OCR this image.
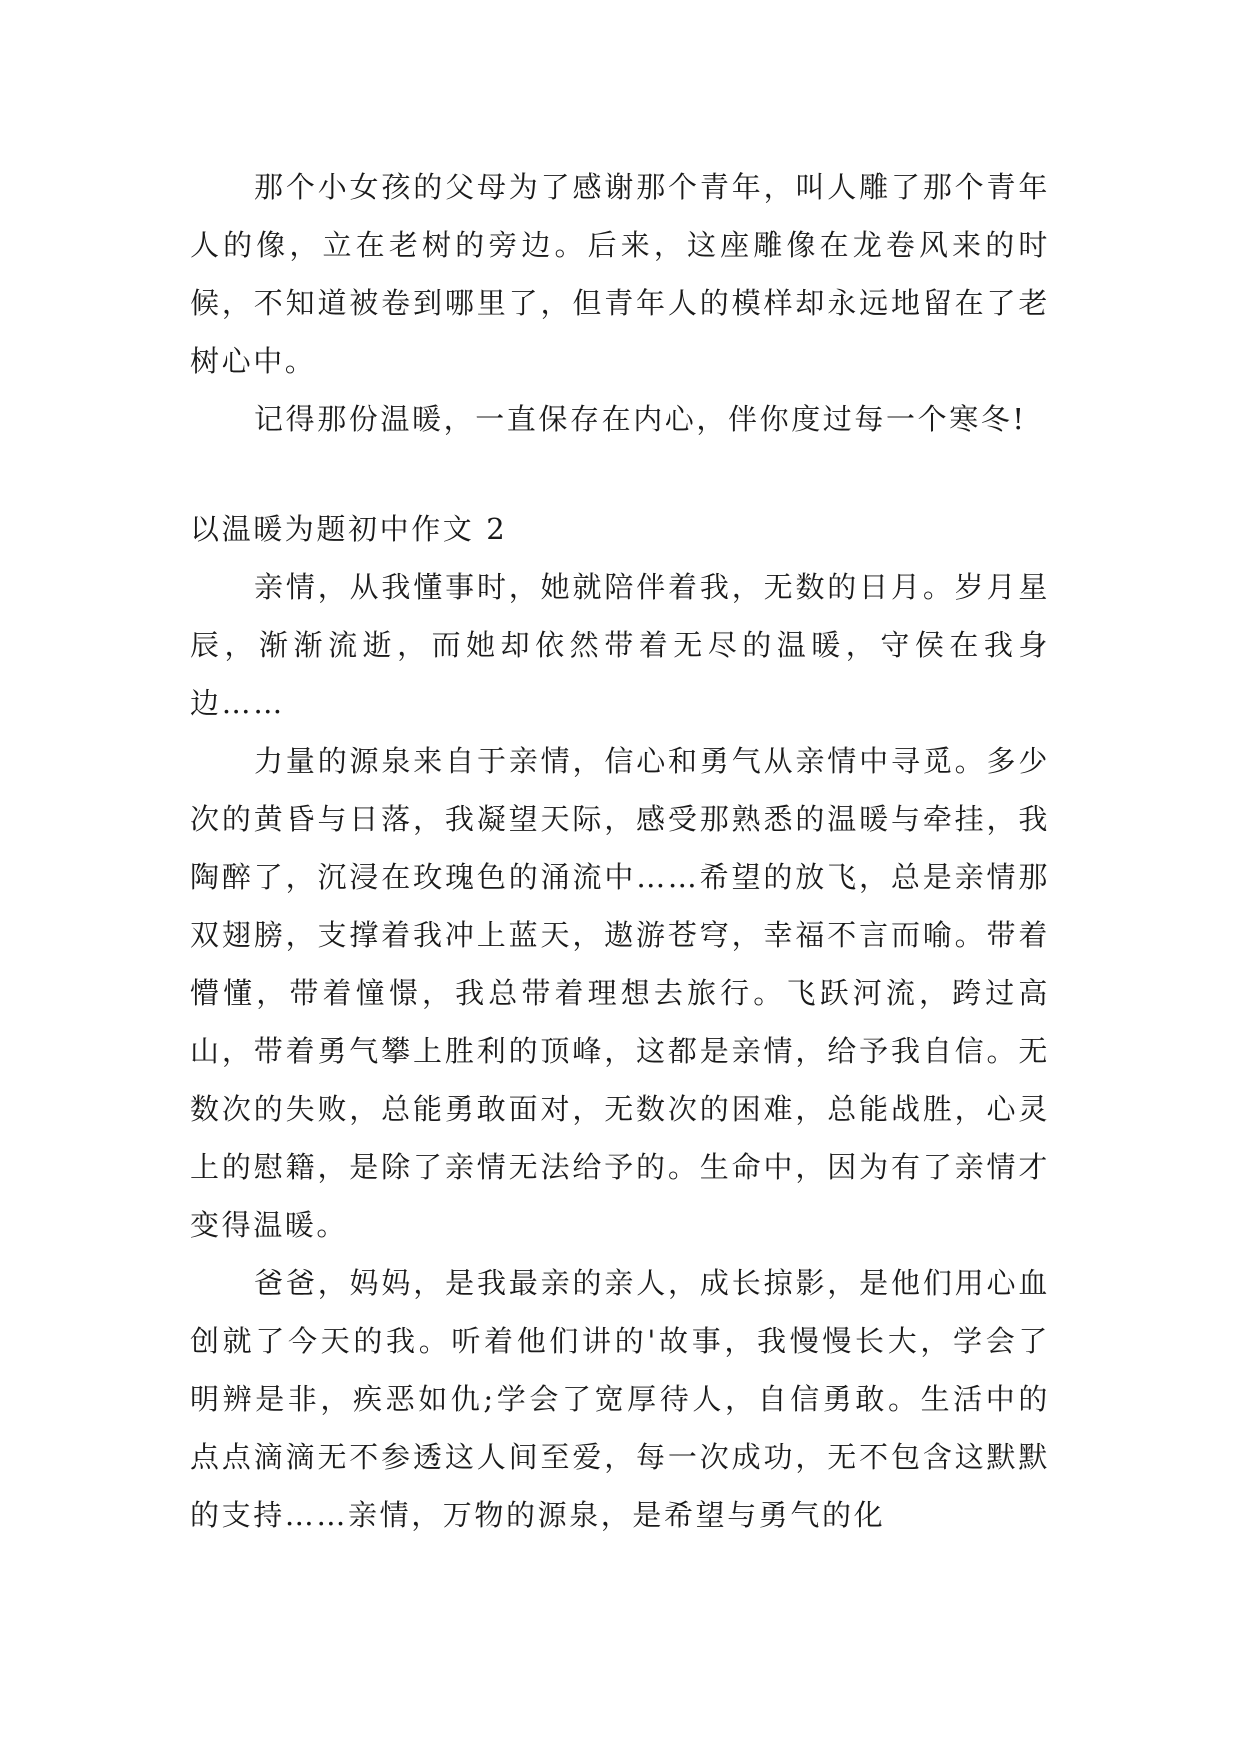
那个小女孩的父母为了感谢那个青年，叫人雕了那个青年人的像，立在老树的旁边。后来，这座雕像在龙卷风来的时候，不知道被卷到哪里了，但青年人的模样却永远地留在了老树心中。

记得那份温暖，一直保存在内心，伴你度过每一个寒冬!

以温暖为题初中作文 2

亲情，从我懂事时，她就陪伴着我，无数的日月。岁月星辰，渐渐流逝，而她却依然带着无尽的温暖，守侯在我身边……

力量的源泉来自于亲情，信心和勇气从亲情中寻觅。多少次的黄昏与日落，我凝望天际，感受那熟悉的温暖与牵挂，我陶醉了，沉浸在玫瑰色的涌流中……希望的放飞，总是亲情那双翅膀，支撑着我冲上蓝天，遨游苍穹，幸福不言而喻。带着懵懂，带着憧憬，我总带着理想去旅行。飞跃河流，跨过高山，带着勇气攀上胜利的顶峰，这都是亲情，给予我自信。无数次的失败，总能勇敢面对，无数次的困难，总能战胜，心灵上的慰籍，是除了亲情无法给予的。生命中，因为有了亲情才变得温暖。

爸爸，妈妈，是我最亲的亲人，成长掠影，是他们用心血创就了今天的我。听着他们讲的'故事，我慢慢长大，学会了明辨是非，疾恶如仇;学会了宽厚待人，自信勇敢。生活中的点点滴滴无不参透这人间至爱，每一次成功，无不包含这默默的支持……亲情，万物的源泉，是希望与勇气的化
